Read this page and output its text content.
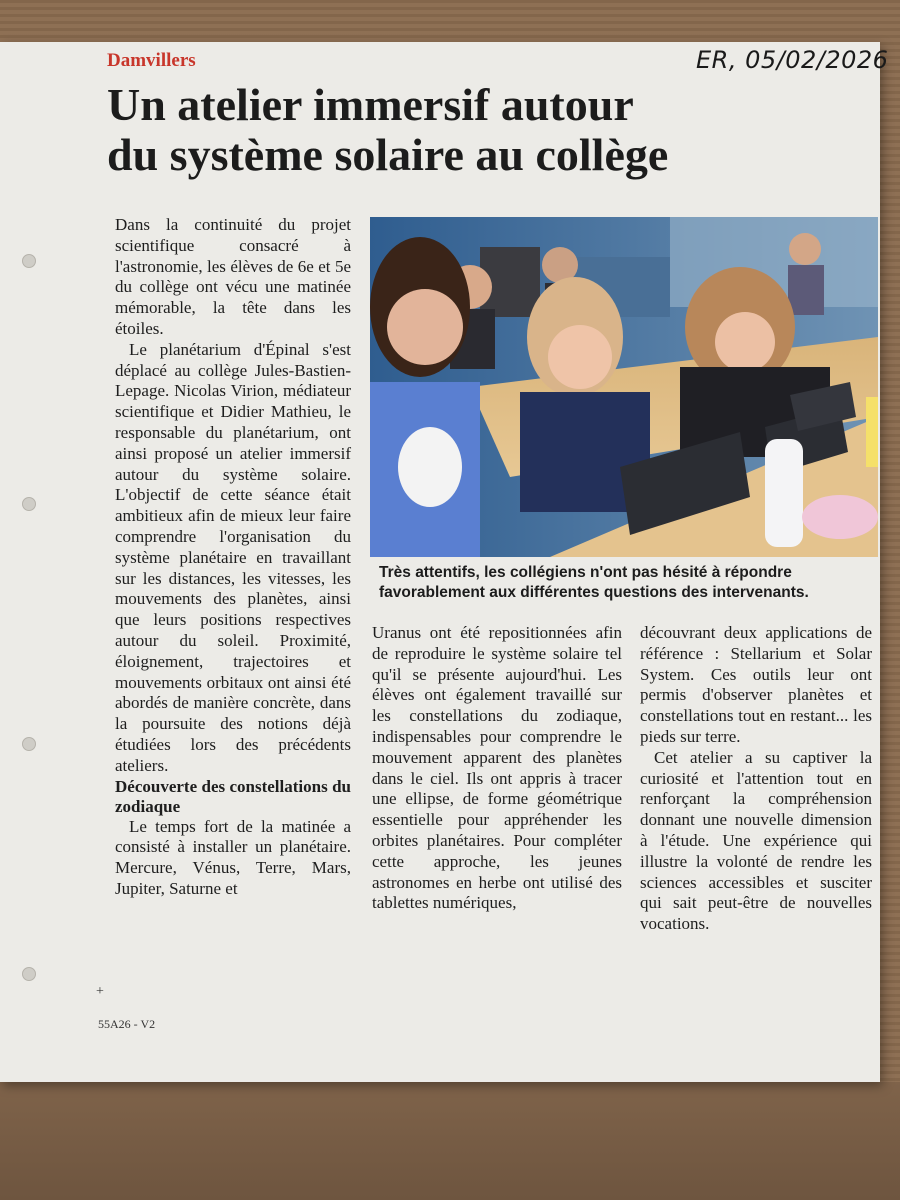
Damvillers	ER, 05/02/2026
Un atelier immersif autour
du système solaire au collège

Dans la continuité du projet scientifique consacré à l'astronomie, les élèves de 6e et 5e du collège ont vécu une matinée mémorable, la tête dans les étoiles.

Le planétarium d'Épinal s'est déplacé au collège Jules-Bastien-Lepage. Nicolas Virion, médiateur scientifique et Didier Mathieu, le responsable du planétarium, ont ainsi proposé un atelier immersif autour du système solaire. L'objectif de cette séance était ambitieux afin de mieux leur faire comprendre l'organisation du système planétaire en travaillant sur les distances, les vitesses, les mouvements des planètes, ainsi que leurs positions respectives autour du soleil. Proximité, éloignement, trajectoires et mouvements orbitaux ont ainsi été abordés de manière concrète, dans la poursuite des notions déjà étudiées lors des précédents ateliers.

Découverte des constellations du zodiaque

Le temps fort de la matinée a consisté à installer un planétaire. Mercure, Vénus, Terre, Mars, Jupiter, Saturne et

Très attentifs, les collégiens n'ont pas hésité à répondre favorablement aux différentes questions des intervenants.

Uranus ont été repositionnées afin de reproduire le système solaire tel qu'il se présente aujourd'hui. Les élèves ont également travaillé sur les constellations du zodiaque, indispensables pour comprendre le mouvement apparent des planètes dans le ciel. Ils ont appris à tracer une ellipse, de forme géométrique essentielle pour appréhender les orbites planétaires. Pour compléter cette approche, les jeunes astronomes en herbe ont utilisé des tablettes numériques,

découvrant deux applications de référence : Stellarium et Solar System. Ces outils leur ont permis d'observer planètes et constellations tout en restant... les pieds sur terre.

Cet atelier a su captiver la curiosité et l'attention tout en renforçant la compréhension donnant une nouvelle dimension à l'étude. Une expérience qui illustre la volonté de rendre les sciences accessibles et susciter qui sait peut-être de nouvelles vocations.

+
55A26 - V2
